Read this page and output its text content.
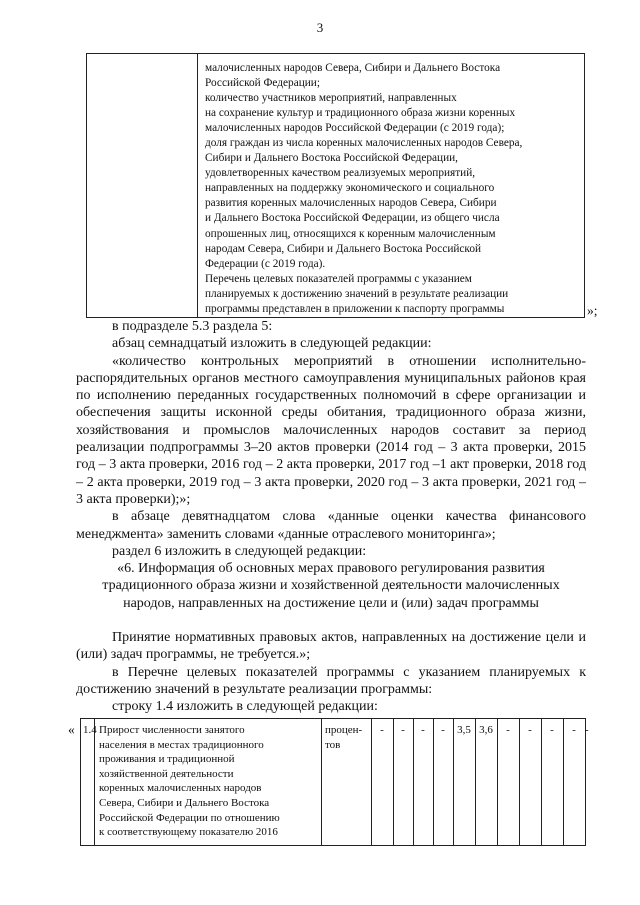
3
малочисленных народов Севера, Сибири и Дальнего Востока
Российской Федерации;
количество участников мероприятий, направленных
на сохранение культур и традиционного образа жизни коренных
малочисленных народов Российской Федерации (с 2019 года);
доля граждан из числа коренных малочисленных народов Севера,
Сибири и Дальнего Востока Российской Федерации,
удовлетворенных качеством реализуемых мероприятий,
направленных на поддержку экономического и социального
развития коренных малочисленных народов Севера, Сибири
и Дальнего Востока Российской Федерации, из общего числа
опрошенных лиц, относящихся к коренным малочисленным
народам Севера, Сибири и Дальнего Востока Российской
Федерации (с 2019 года).
Перечень целевых показателей программы с указанием
планируемых к достижению значений в результате реализации
программы представлен в приложении к паспорту программы	»;

в подразделе 5.3 раздела 5:

абзац семнадцатый изложить в следующей редакции:

«количество контрольных мероприятий в отношении исполнительно-распорядительных органов местного самоуправления муниципальных районов края по исполнению переданных государственных полномочий в сфере организации и обеспечения защиты исконной среды обитания, традиционного образа жизни, хозяйствования и промыслов малочисленных народов составит за период реализации подпрограммы 3–20 актов проверки (2014 год – 3 акта проверки, 2015 год – 3 акта проверки, 2016 год – 2 акта проверки, 2017 год –1 акт проверки, 2018 год – 2 акта проверки, 2019 год – 3 акта проверки, 2020 год – 3 акта проверки, 2021 год – 3 акта проверки);»;

в абзаце девятнадцатом слова «данные оценки качества финансового менеджмента» заменить словами «данные отраслевого мониторинга»;

раздел 6 изложить в следующей редакции:

«6. Информация об основных мерах правового регулирования развития

традиционного образа жизни и хозяйственной деятельности малочисленных

народов, направленных на достижение цели и (или) задач программы

Принятие нормативных правовых актов, направленных на достижение цели и (или) задач программы, не требуется.»;

в Перечне целевых показателей программы с указанием планируемых к достижению значений в результате реализации программы:

строку 1.4 изложить в следующей редакции:

« 1.4 Прирост численности занятого
населения в местах традиционного
проживания и традиционной
хозяйственной деятельности
коренных малочисленных народов
Севера, Сибири и Дальнего Востока
Российской Федерации по отношению
к соответствующему показателю 2016
процен-
тов
-	-	-	-	3,5 3,6	-	-	-	- -
